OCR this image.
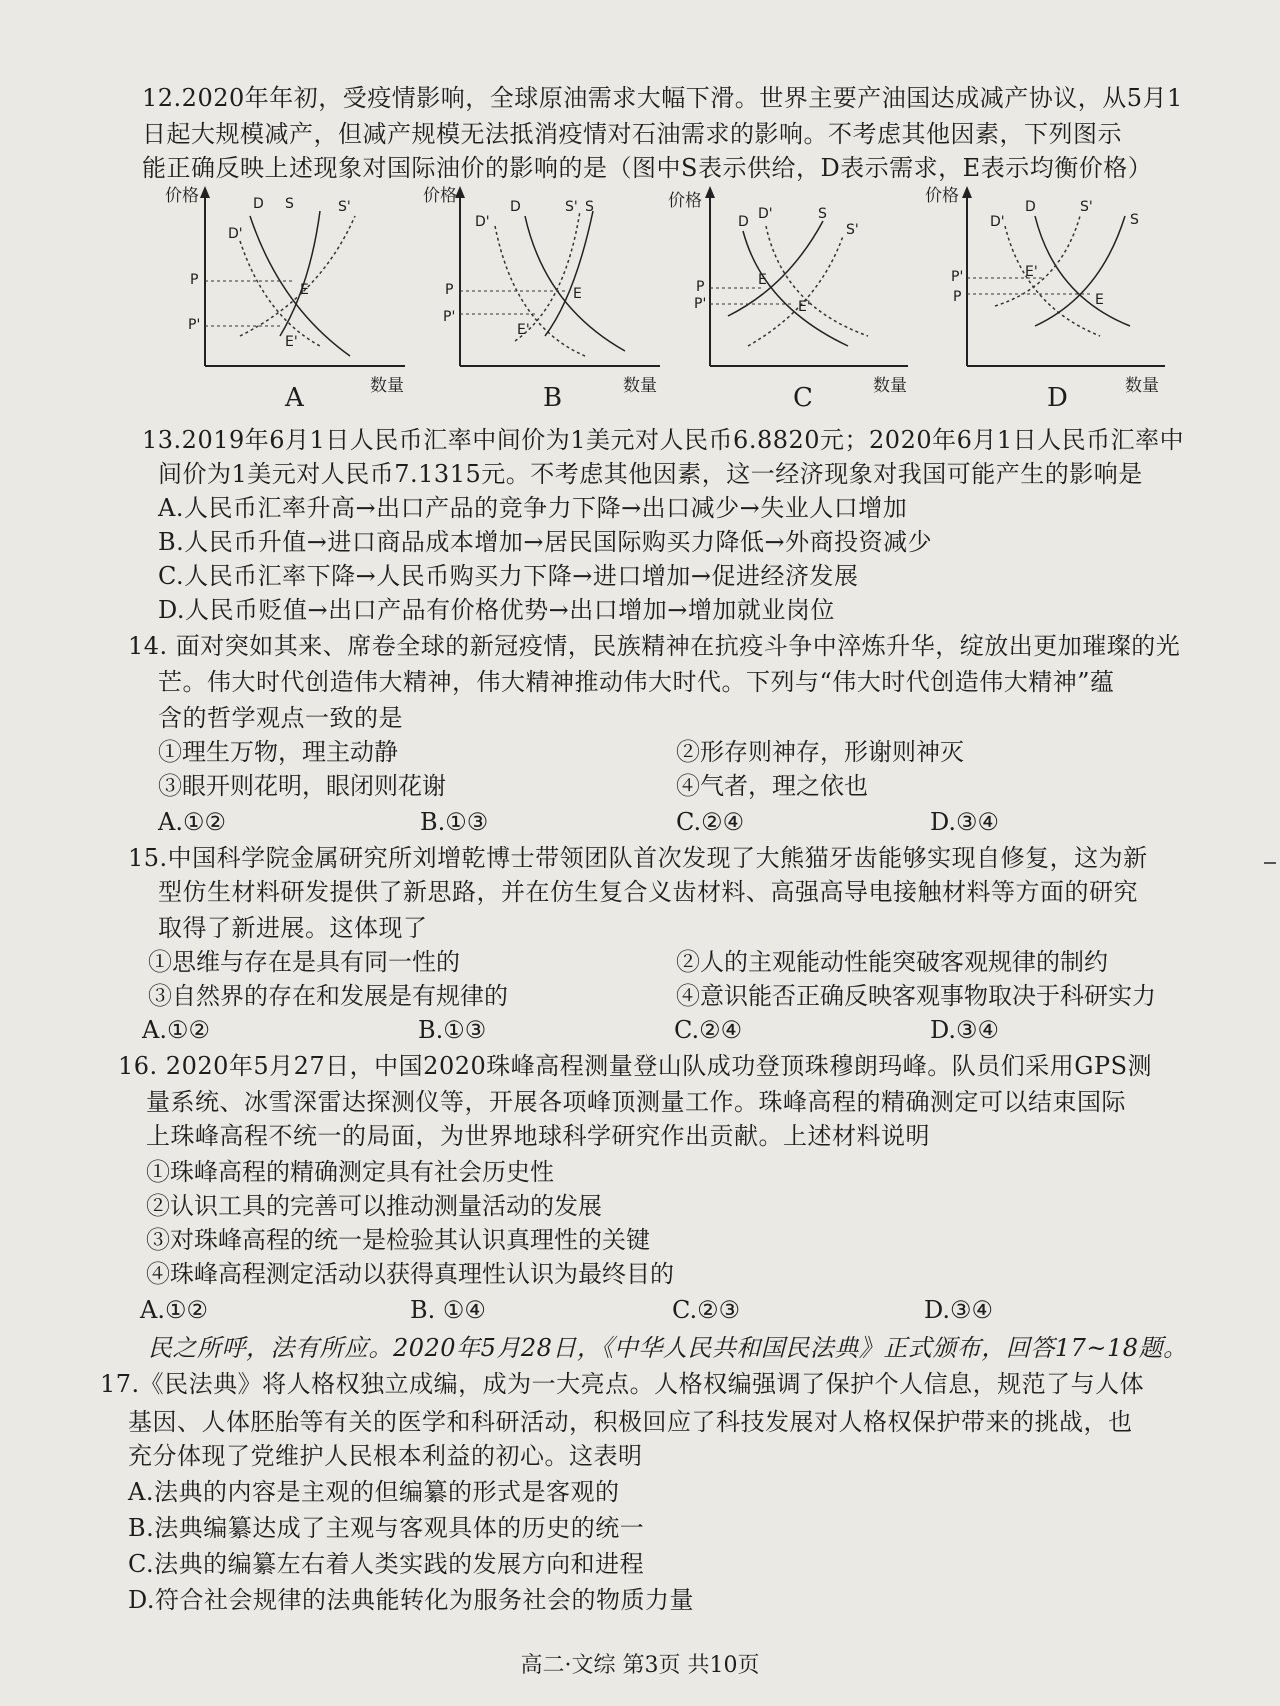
12.2020年年初，受疫情影响，全球原油需求大幅下滑。世界主要产油国达成减产协议，从5月1
日起大规模减产，但减产规模无法抵消疫情对石油需求的影响。不考虑其他因素，下列图示
能正确反映上述现象对国际油价的影响的是（图中S表示供给，D表示需求，E表示均衡价格）
价格
数量
A
D S	S'
D'
E
E'
P
P'
价格
数量
B
D'
D	S' S
E
E'
P
P'
价格
数量
C
D D'	S
S'
E
E'
P
P'
价格
数量
D
D'
D	S'
S
E'
E
P'
P
13.2019年6月1日人民币汇率中间价为1美元对人民币6.8820元；2020年6月1日人民币汇率中
间价为1美元对人民币7.1315元。不考虑其他因素，这一经济现象对我国可能产生的影响是
A.人民币汇率升高→出口产品的竞争力下降→出口减少→失业人口增加
B.人民币升值→进口商品成本增加→居民国际购买力降低→外商投资减少
C.人民币汇率下降→人民币购买力下降→进口增加→促进经济发展
D.人民币贬值→出口产品有价格优势→出口增加→增加就业岗位
14. 面对突如其来、席卷全球的新冠疫情，民族精神在抗疫斗争中淬炼升华，绽放出更加璀璨的光
芒。伟大时代创造伟大精神，伟大精神推动伟大时代。下列与“伟大时代创造伟大精神”蕴
含的哲学观点一致的是
①理生万物，理主动静	②形存则神存，形谢则神灭
③眼开则花明，眼闭则花谢	④气者，理之依也
A.①②	B.①③	C.②④	D.③④
15.中国科学院金属研究所刘增乾博士带领团队首次发现了大熊猫牙齿能够实现自修复，这为新
型仿生材料研发提供了新思路，并在仿生复合义齿材料、高强高导电接触材料等方面的研究
取得了新进展。这体现了
①思维与存在是具有同一性的	②人的主观能动性能突破客观规律的制约
③自然界的存在和发展是有规律的	④意识能否正确反映客观事物取决于科研实力
A.①②	B.①③	C.②④	D.③④
16. 2020年5月27日，中国2020珠峰高程测量登山队成功登顶珠穆朗玛峰。队员们采用GPS测
量系统、冰雪深雷达探测仪等，开展各项峰顶测量工作。珠峰高程的精确测定可以结束国际
上珠峰高程不统一的局面，为世界地球科学研究作出贡献。上述材料说明
①珠峰高程的精确测定具有社会历史性
②认识工具的完善可以推动测量活动的发展
③对珠峰高程的统一是检验其认识真理性的关键
④珠峰高程测定活动以获得真理性认识为最终目的
A.①②	B. ①④	C.②③	D.③④
民之所呼，法有所应。2020年5月28日，《中华人民共和国民法典》正式颁布，回答17~18题。
17.《民法典》将人格权独立成编，成为一大亮点。人格权编强调了保护个人信息，规范了与人体
基因、人体胚胎等有关的医学和科研活动，积极回应了科技发展对人格权保护带来的挑战，也
充分体现了党维护人民根本利益的初心。这表明
A.法典的内容是主观的但编纂的形式是客观的
B.法典编纂达成了主观与客观具体的历史的统一
C.法典的编纂左右着人类实践的发展方向和进程
D.符合社会规律的法典能转化为服务社会的物质力量
高二·文综 第3页 共10页
